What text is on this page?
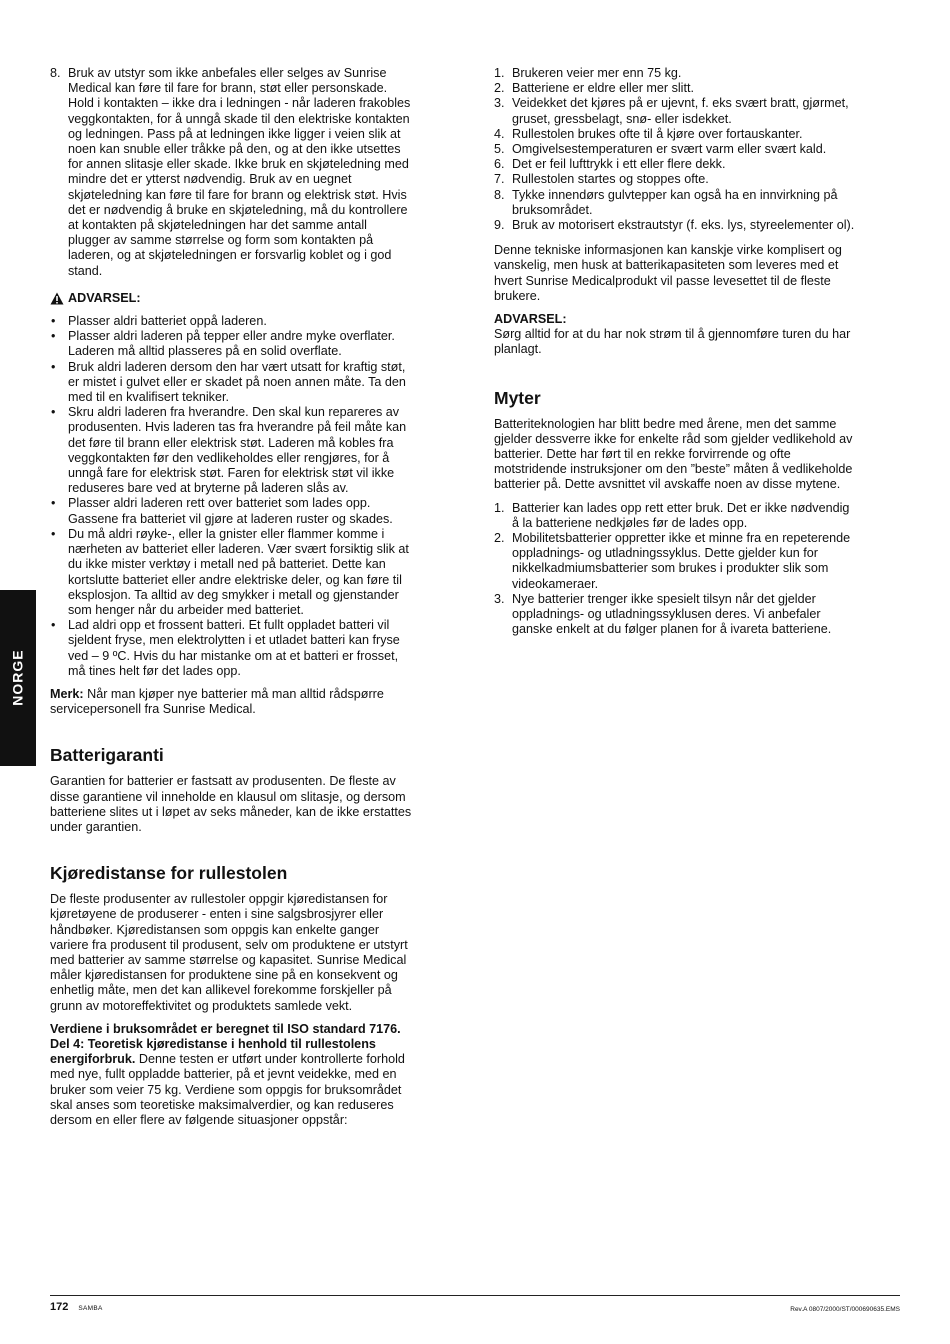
NORGE
8. Bruk av utstyr som ikke anbefales eller selges av Sunrise Medical kan føre til fare for brann, støt eller personskade. Hold i kontakten – ikke dra i ledningen - når laderen frakobles veggkontakten, for å unngå skade til den elektriske kontakten og ledningen. Pass på at ledningen ikke ligger i veien slik at noen kan snuble eller tråkke på den, og at den ikke utsettes for annen slitasje eller skade. Ikke bruk en skjøteledning med mindre det er ytterst nødvendig. Bruk av en uegnet skjøteledning kan føre til fare for brann og elektrisk støt. Hvis det er nødvendig å bruke en skjøteledning, må du kontrollere at kontakten på skjøteledningen har det samme antall plugger av samme størrelse og form som kontakten på laderen, og at skjøteledningen er forsvarlig koblet og i god stand.
ADVARSEL:
• Plasser aldri batteriet oppå laderen.
• Plasser aldri laderen på tepper eller andre myke overflater. Laderen må alltid plasseres på en solid overflate.
• Bruk aldri laderen dersom den har vært utsatt for kraftig støt, er mistet i gulvet eller er skadet på noen annen måte. Ta den med til en kvalifisert tekniker.
• Skru aldri laderen fra hverandre. Den skal kun repareres av produsenten. Hvis laderen tas fra hverandre på feil måte kan det føre til brann eller elektrisk støt. Laderen må kobles fra veggkontakten før den vedlikeholdes eller rengjøres, for å unngå fare for elektrisk støt. Faren for elektrisk støt vil ikke reduseres bare ved at bryterne på laderen slås av.
• Plasser aldri laderen rett over batteriet som lades opp. Gassene fra batteriet vil gjøre at laderen ruster og skades.
• Du må aldri røyke-, eller la gnister eller flammer komme i nærheten av batteriet eller laderen. Vær svært forsiktig slik at du ikke mister verktøy i metall ned på batteriet. Dette kan kortslutte batteriet eller andre elektriske deler, og kan føre til eksplosjon. Ta alltid av deg smykker i metall og gjenstander som henger når du arbeider med batteriet.
• Lad aldri opp et frossent batteri. Et fullt oppladet batteri vil sjeldent fryse, men elektrolytten i et utladet batteri kan fryse ved – 9 ºC. Hvis du har mistanke om at et batteri er frosset, må tines helt før det lades opp.

Merk: Når man kjøper nye batterier må man alltid rådspørre servicepersonell fra Sunrise Medical.

Batterigaranti

Garantien for batterier er fastsatt av produsenten. De fleste av disse garantiene vil inneholde en klausul om slitasje, og dersom batteriene slites ut i løpet av seks måneder, kan de ikke erstattes under garantien.

Kjøredistanse for rullestolen

De fleste produsenter av rullestoler oppgir kjøredistansen for kjøretøyene de produserer - enten i sine salgsbrosjyrer eller håndbøker. Kjøredistansen som oppgis kan enkelte ganger variere fra produsent til produsent, selv om produktene er utstyrt med batterier av samme størrelse og kapasitet. Sunrise Medical måler kjøredistansen for produktene sine på en konsekvent og enhetlig måte, men det kan allikevel forekomme forskjeller på grunn av motoreffektivitet og produktets samlede vekt.

Verdiene i bruksområdet er beregnet til ISO standard 7176. Del 4: Teoretisk kjøredistanse i henhold til rullestolens energiforbruk. Denne testen er utført under kontrollerte forhold med nye, fullt oppladde batterier, på et jevnt veidekke, med en bruker som veier 75 kg. Verdiene som oppgis for bruksområdet skal anses som teoretiske maksimalverdier, og kan reduseres dersom en eller flere av følgende situasjoner oppstår:

1. Brukeren veier mer enn 75 kg.
2. Batteriene er eldre eller mer slitt.
3. Veidekket det kjøres på er ujevnt, f. eks svært bratt, gjørmet, gruset, gressbelagt, snø- eller isdekket.
4. Rullestolen brukes ofte til å kjøre over fortauskanter.
5. Omgivelsestemperaturen er svært varm eller svært kald.
6. Det er feil lufttrykk i ett eller flere dekk.
7. Rullestolen startes og stoppes ofte.
8. Tykke innendørs gulvtepper kan også ha en innvirkning på bruksområdet.
9. Bruk av motorisert ekstrautstyr (f. eks. lys, styreelementer ol).

Denne tekniske informasjonen kan kanskje virke komplisert og vanskelig, men husk at batterikapasiteten som leveres med et hvert Sunrise Medicalprodukt vil passe levesettet til de fleste brukere.

ADVARSEL:
Sørg alltid for at du har nok strøm til å gjennomføre turen du har planlagt.

Myter

Batteriteknologien har blitt bedre med årene, men det samme gjelder dessverre ikke for enkelte råd som gjelder vedlikehold av batterier. Dette har ført til en rekke forvirrende og ofte motstridende instruksjoner om den ”beste” måten å vedlikeholde batterier på. Dette avsnittet vil avskaffe noen av disse mytene.

1. Batterier kan lades opp rett etter bruk. Det er ikke nødvendig å la batteriene nedkjøles før de lades opp.
2. Mobilitetsbatterier oppretter ikke et minne fra en repeterende oppladnings- og utladningssyklus. Dette gjelder kun for nikkelkadmiumsbatterier som brukes i produkter slik som videokameraer.
3. Nye batterier trenger ikke spesielt tilsyn når det gjelder oppladnings- og utladningssyklusen deres. Vi anbefaler ganske enkelt at du følger planen for å ivareta batteriene.
172 SAMBA	Rev.A 0807/2000/ST/000690635.EMS
